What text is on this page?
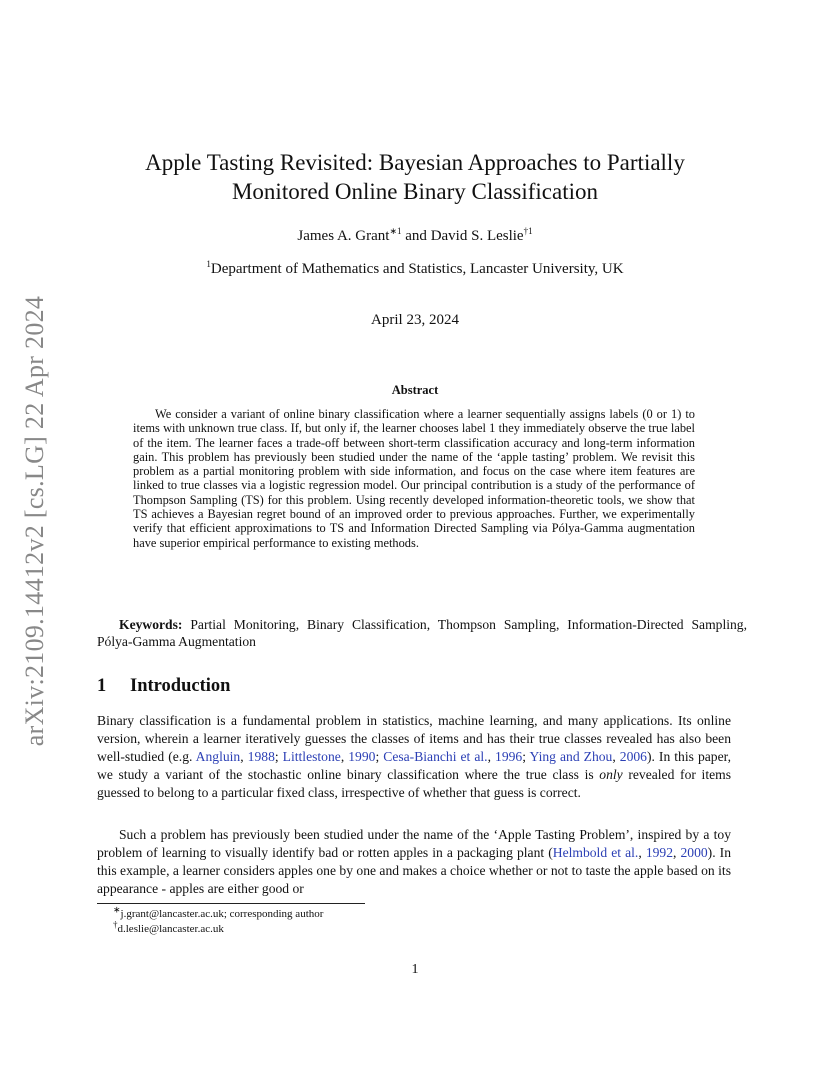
arXiv:2109.14412v2 [cs.LG] 22 Apr 2024
Apple Tasting Revisited: Bayesian Approaches to Partially
Monitored Online Binary Classification
James A. Grant$^{∗1}$ and David S. Leslie$^{\dagger 1}$
$^1$Department of Mathematics and Statistics, Lancaster University, UK
April 23, 2024
Abstract

We consider a variant of online binary classification where a learner sequentially assigns labels (0 or 1) to items with unknown true class. If, but only if, the learner chooses label 1 they immediately observe the true label of the item. The learner faces a trade-off between short-term classification accuracy and long-term information gain. This problem has previously been studied under the name of the ‘apple tasting’ problem. We revisit this problem as a partial monitoring problem with side information, and focus on the case where item features are linked to true classes via a logistic regression model. Our principal contribution is a study of the performance of Thompson Sampling (TS) for this problem. Using recently developed information-theoretic tools, we show that TS achieves a Bayesian regret bound of an improved order to previous approaches. Further, we experimentally verify that efficient approximations to TS and Information Directed Sampling via Pólya-Gamma augmentation have superior empirical performance to existing methods.

Keywords: Partial Monitoring, Binary Classification, Thompson Sampling, Information-Directed Sampling, Pólya-Gamma Augmentation

1 Introduction

Binary classification is a fundamental problem in statistics, machine learning, and many applications. Its online version, wherein a learner iteratively guesses the classes of items and has their true classes revealed has also been well-studied (e.g. Angluin, 1988; Littlestone, 1990; Cesa-Bianchi et al., 1996; Ying and Zhou, 2006). In this paper, we study a variant of the stochastic online binary classification where the true class is only revealed for items guessed to belong to a particular fixed class, irrespective of whether that guess is correct.

Such a problem has previously been studied under the name of the ‘Apple Tasting Problem’, inspired by a toy problem of learning to visually identify bad or rotten apples in a packaging plant (Helmbold et al., 1992, 2000). In this example, a learner considers apples one by one and makes a choice whether or not to taste the apple based on its appearance - apples are either good or

∗j.grant@lancaster.ac.uk; corresponding author
†d.leslie@lancaster.ac.uk
1
